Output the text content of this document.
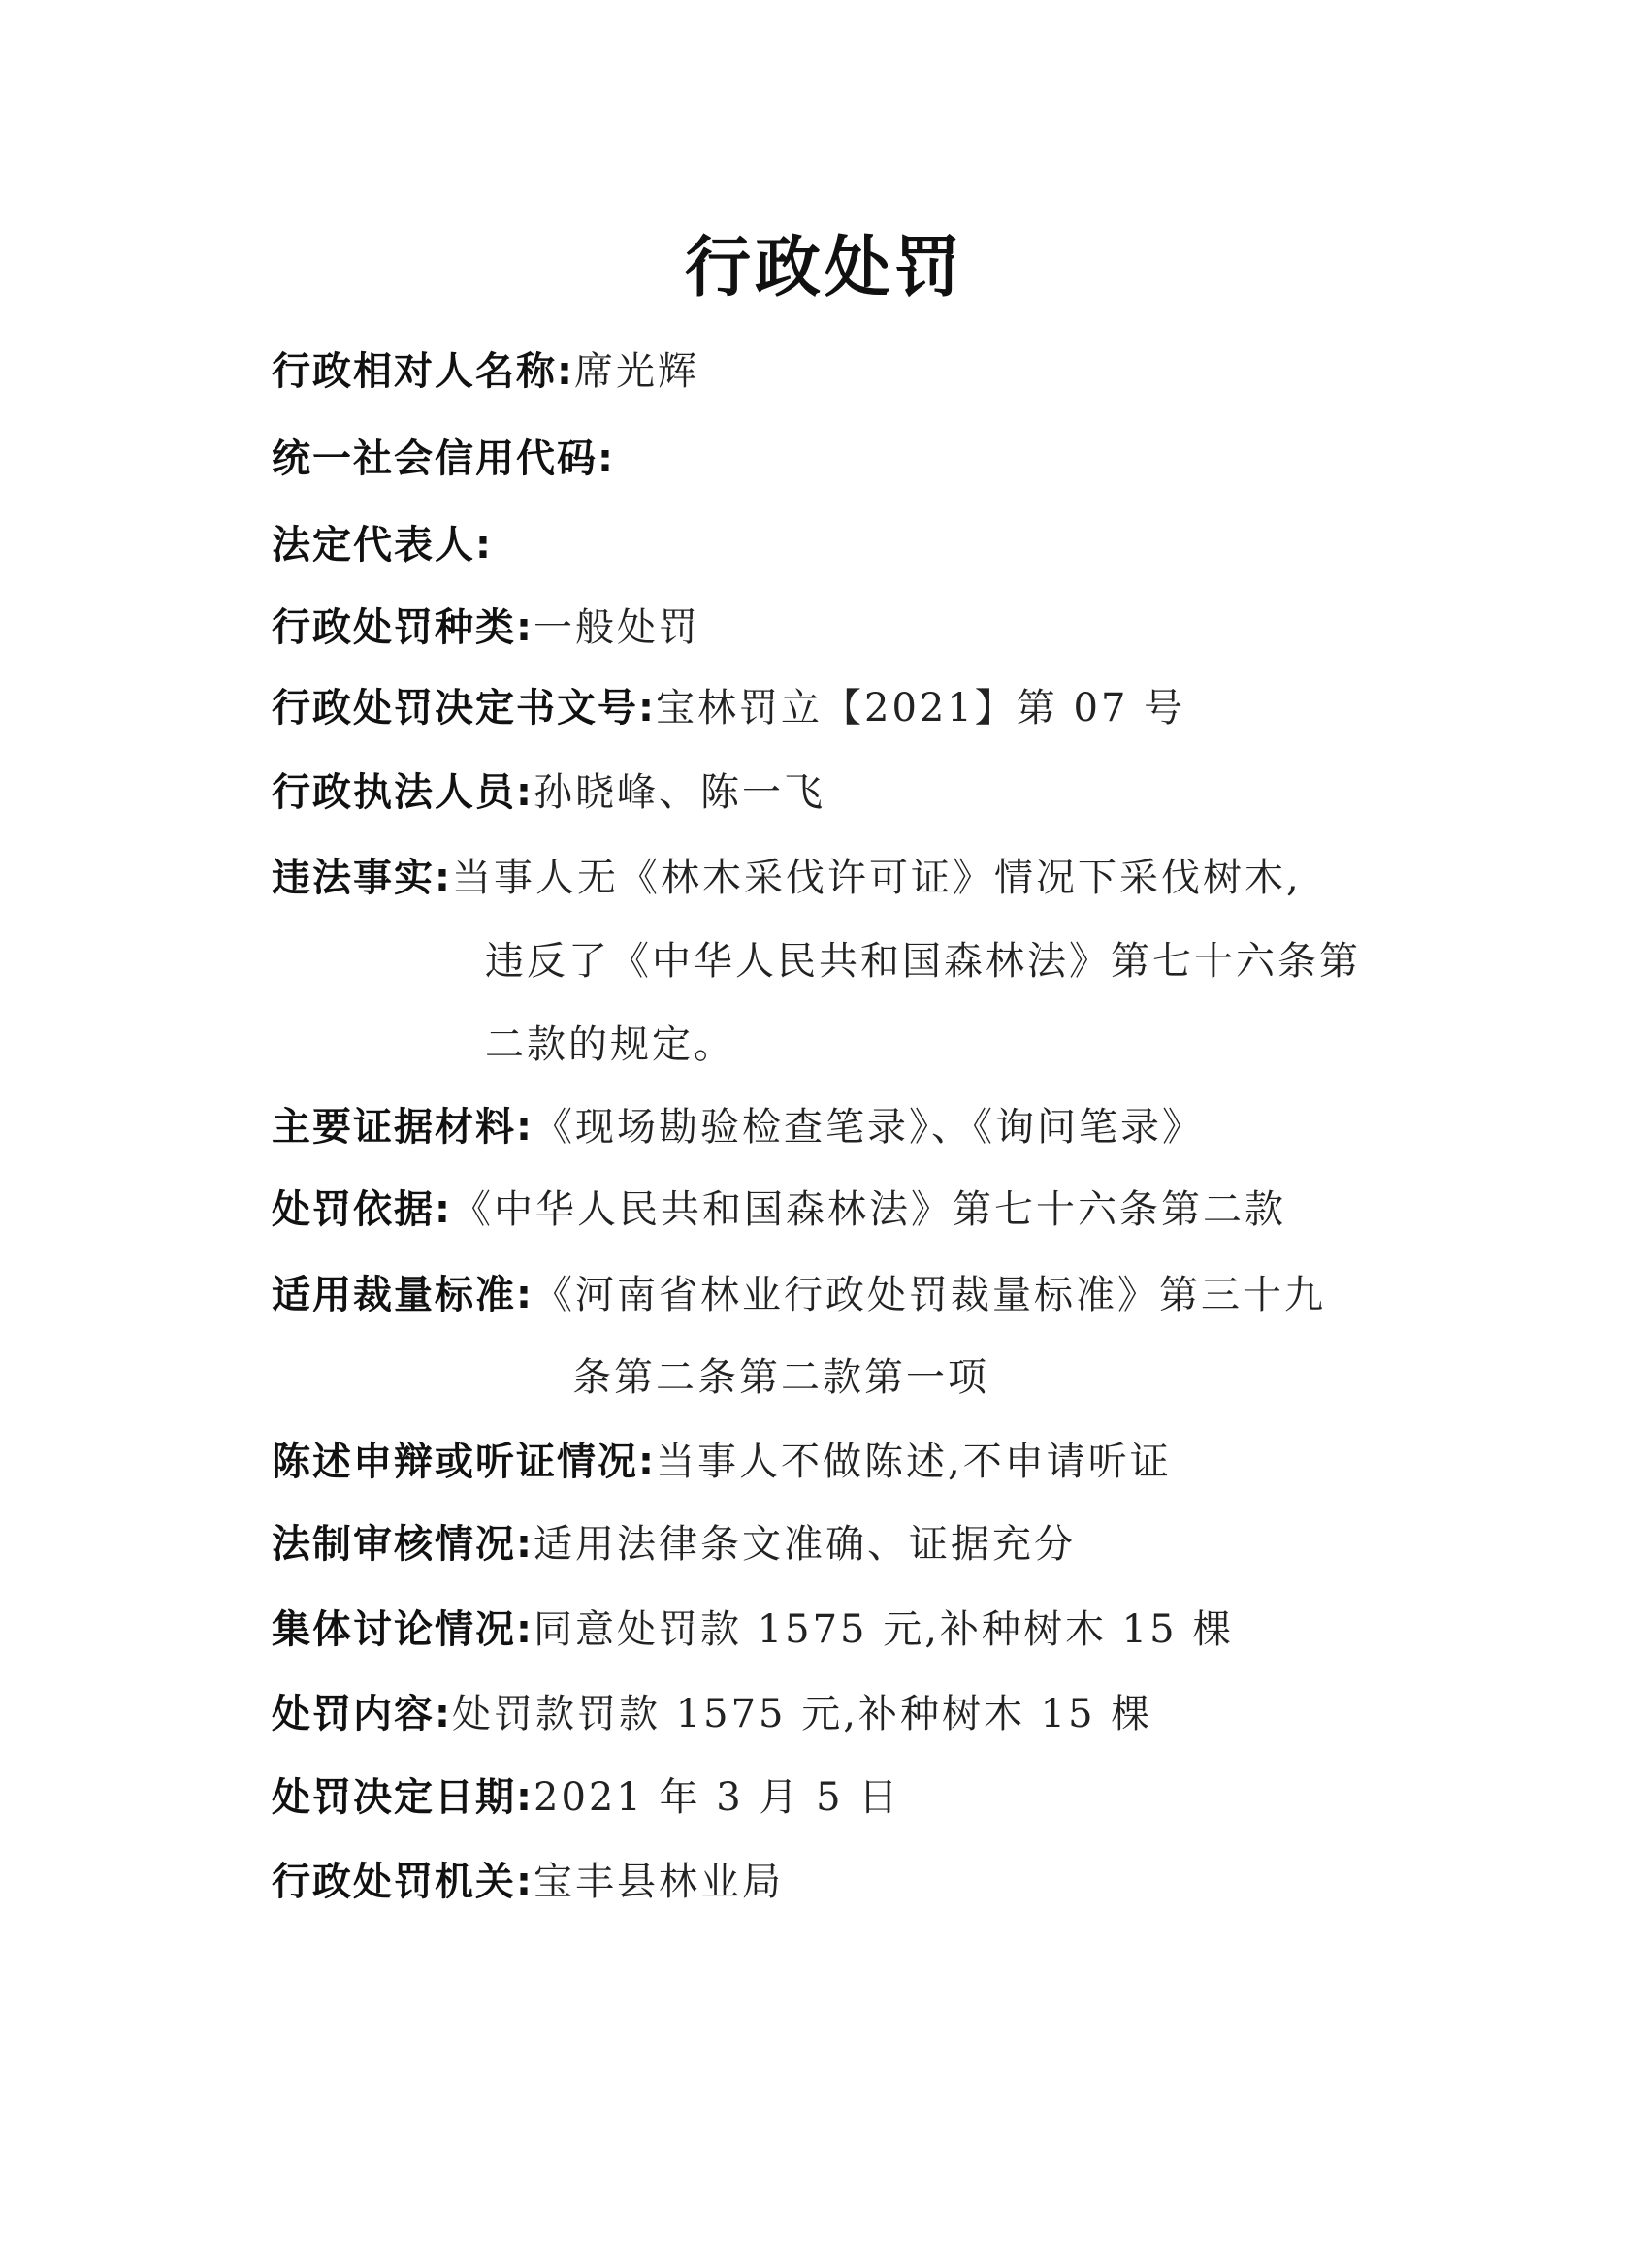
行政处罚
行政相对人名称:席光辉
统一社会信用代码:
法定代表人:
行政处罚种类:一般处罚
行政处罚决定书文号:宝林罚立【2021】第 07 号
行政执法人员:孙晓峰、陈一飞
违法事实:当事人无《林木采伐许可证》情况下采伐树木,
违反了《中华人民共和国森林法》第七十六条第
二款的规定。
主要证据材料:《现场勘验检查笔录》、《询问笔录》
处罚依据:《中华人民共和国森林法》第七十六条第二款
适用裁量标准:《河南省林业行政处罚裁量标准》第三十九
条第二条第二款第一项
陈述申辩或听证情况:当事人不做陈述,不申请听证
法制审核情况:适用法律条文准确、证据充分
集体讨论情况:同意处罚款 1575 元,补种树木 15 棵
处罚内容:处罚款罚款 1575 元,补种树木 15 棵
处罚决定日期:2021 年 3 月 5 日
行政处罚机关:宝丰县林业局
